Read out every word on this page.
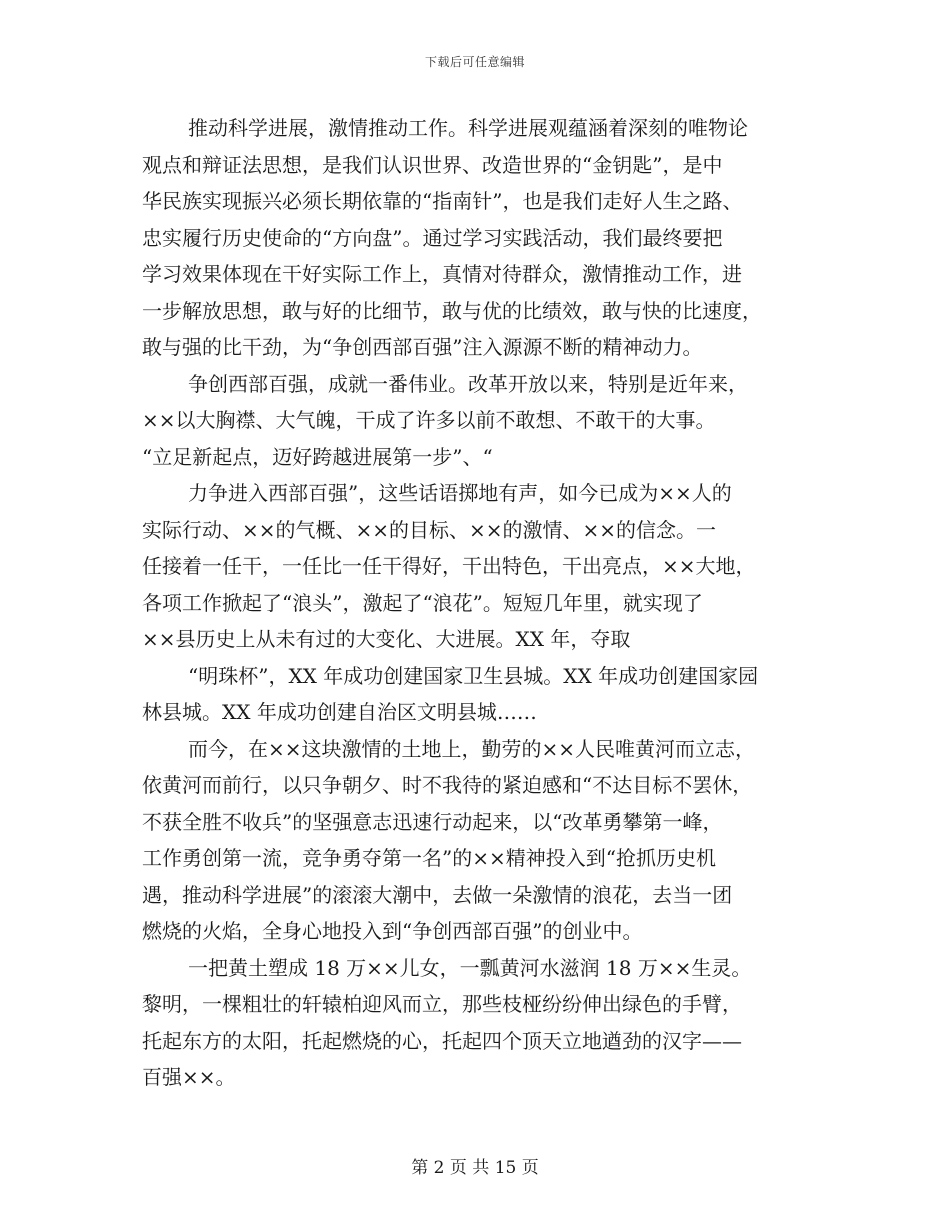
下载后可任意编辑
推动科学进展，激情推动工作。科学进展观蕴涵着深刻的唯物论
观点和辩证法思想，是我们认识世界、改造世界的“金钥匙”，是中
华民族实现振兴必须长期依靠的“指南针”，也是我们走好人生之路、
忠实履行历史使命的“方向盘”。通过学习实践活动，我们最终要把
学习效果体现在干好实际工作上，真情对待群众，激情推动工作，进
一步解放思想，敢与好的比细节，敢与优的比绩效，敢与快的比速度，
敢与强的比干劲，为“争创西部百强”注入源源不断的精神动力。
争创西部百强，成就一番伟业。改革开放以来，特别是近年来，
××以大胸襟、大气魄，干成了许多以前不敢想、不敢干的大事。
“立足新起点，迈好跨越进展第一步”、“
力争进入西部百强”，这些话语掷地有声，如今已成为××人的
实际行动、××的气概、××的目标、××的激情、××的信念。一
任接着一任干，一任比一任干得好，干出特色，干出亮点，××大地，
各项工作掀起了“浪头”，激起了“浪花”。短短几年里，就实现了
××县历史上从未有过的大变化、大进展。XX 年，夺取
“明珠杯”，XX 年成功创建国家卫生县城。XX 年成功创建国家园
林县城。XX 年成功创建自治区文明县城……
而今，在××这块激情的土地上，勤劳的××人民唯黄河而立志，
依黄河而前行，以只争朝夕、时不我待的紧迫感和“不达目标不罢休，
不获全胜不收兵”的坚强意志迅速行动起来，以“改革勇攀第一峰，
工作勇创第一流，竞争勇夺第一名”的××精神投入到“抢抓历史机
遇，推动科学进展”的滚滚大潮中，去做一朵激情的浪花，去当一团
燃烧的火焰，全身心地投入到“争创西部百强”的创业中。
一把黄土塑成 18 万××儿女，一瓢黄河水滋润 18 万××生灵。
黎明，一棵粗壮的轩辕柏迎风而立，那些枝桠纷纷伸出绿色的手臂，
托起东方的太阳，托起燃烧的心，托起四个顶天立地遒劲的汉字——
百强××。
第 2 页 共 15 页
